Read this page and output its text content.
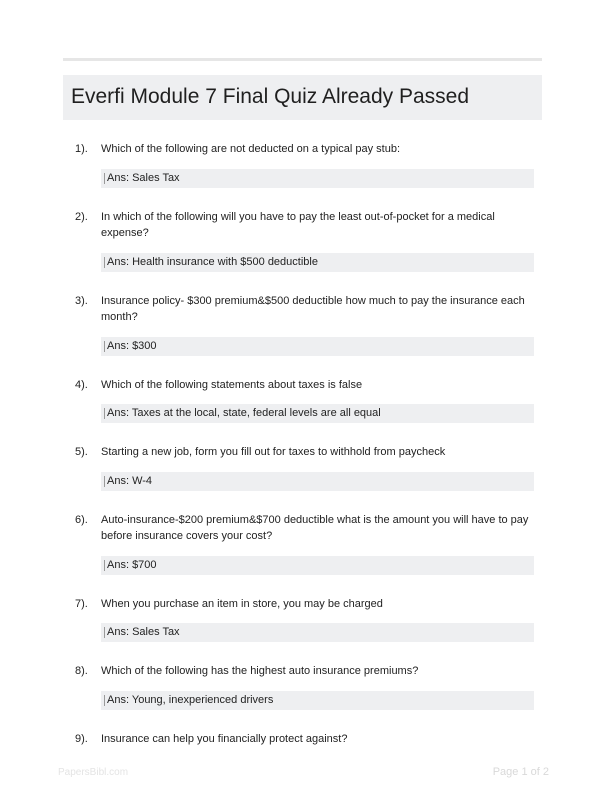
Everfi Module 7 Final Quiz Already Passed
1). Which of the following are not deducted on a typical pay stub:
Ans: Sales Tax
2). In which of the following will you have to pay the least out-of-pocket for a medical expense?
Ans: Health insurance with $500 deductible
3). Insurance policy- $300 premium&$500 deductible how much to pay the insurance each month?
Ans: $300
4). Which of the following statements about taxes is false
Ans: Taxes at the local, state, federal levels are all equal
5). Starting a new job, form you fill out for taxes to withhold from paycheck
Ans: W-4
6). Auto-insurance-$200 premium&$700 deductible what is the amount you will have to pay before insurance covers your cost?
Ans: $700
7). When you purchase an item in store, you may be charged
Ans: Sales Tax
8). Which of the following has the highest auto insurance premiums?
Ans: Young, inexperienced drivers
9). Insurance can help you financially protect against?
PapersBibl.com	Page 1 of 2
